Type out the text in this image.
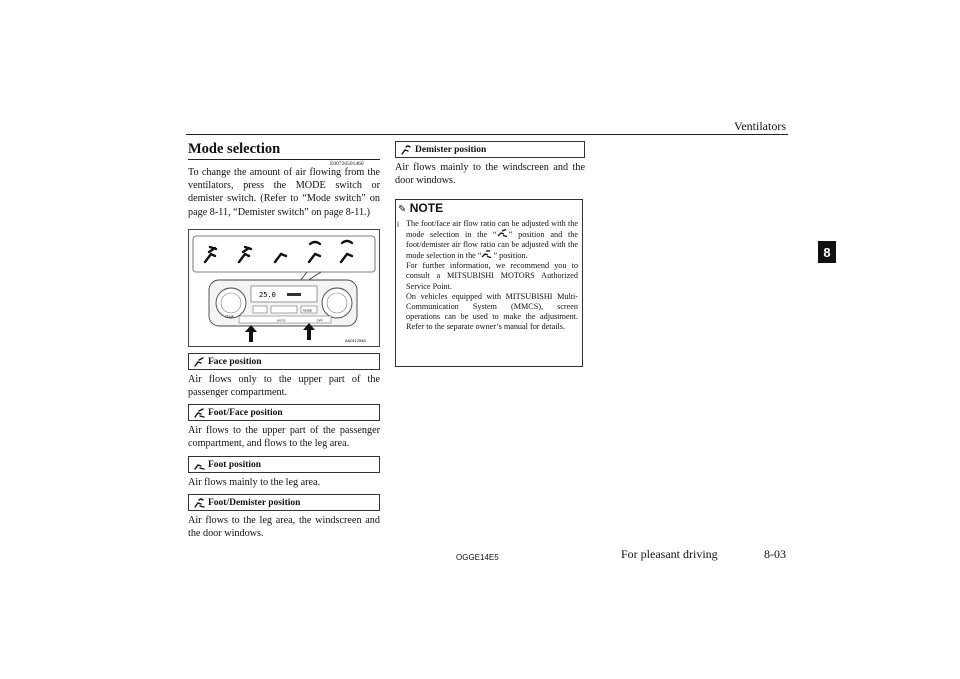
Ventilators
8
Mode selection
E00726501460
To change the amount of air flowing from the ventilators, press the MODE switch or demister switch. (Refer to “Mode switch” on page 8-11, “Demister switch” on page 8-11.)
25.0
TEMP
MODE
AUTO	OFF
AA0112538
Face position
Air flows only to the upper part of the passenger compartment.
Foot/Face position
Air flows to the upper part of the passenger compartment, and flows to the leg area.
Foot position
Air flows mainly to the leg area.
Foot/Demister position
Air flows to the leg area, the windscreen and the door windows.
Demister position
Air flows mainly to the windscreen and the door windows.
✎ NOTE
l The foot/face air flow ratio can be adjusted with the mode selection in the “ ” position and the foot/demister air flow ratio can be adjusted with the mode selection in the “ ” position.
For further information, we recommend you to consult a MITSUBISHI MOTORS Authorized Service Point.
On vehicles equipped with MITSUBISHI Multi-Communication System (MMCS), screen operations can be used to make the adjustment. Refer to the separate owner’s manual for details.
OGGE14E5	For pleasant driving	8-03
